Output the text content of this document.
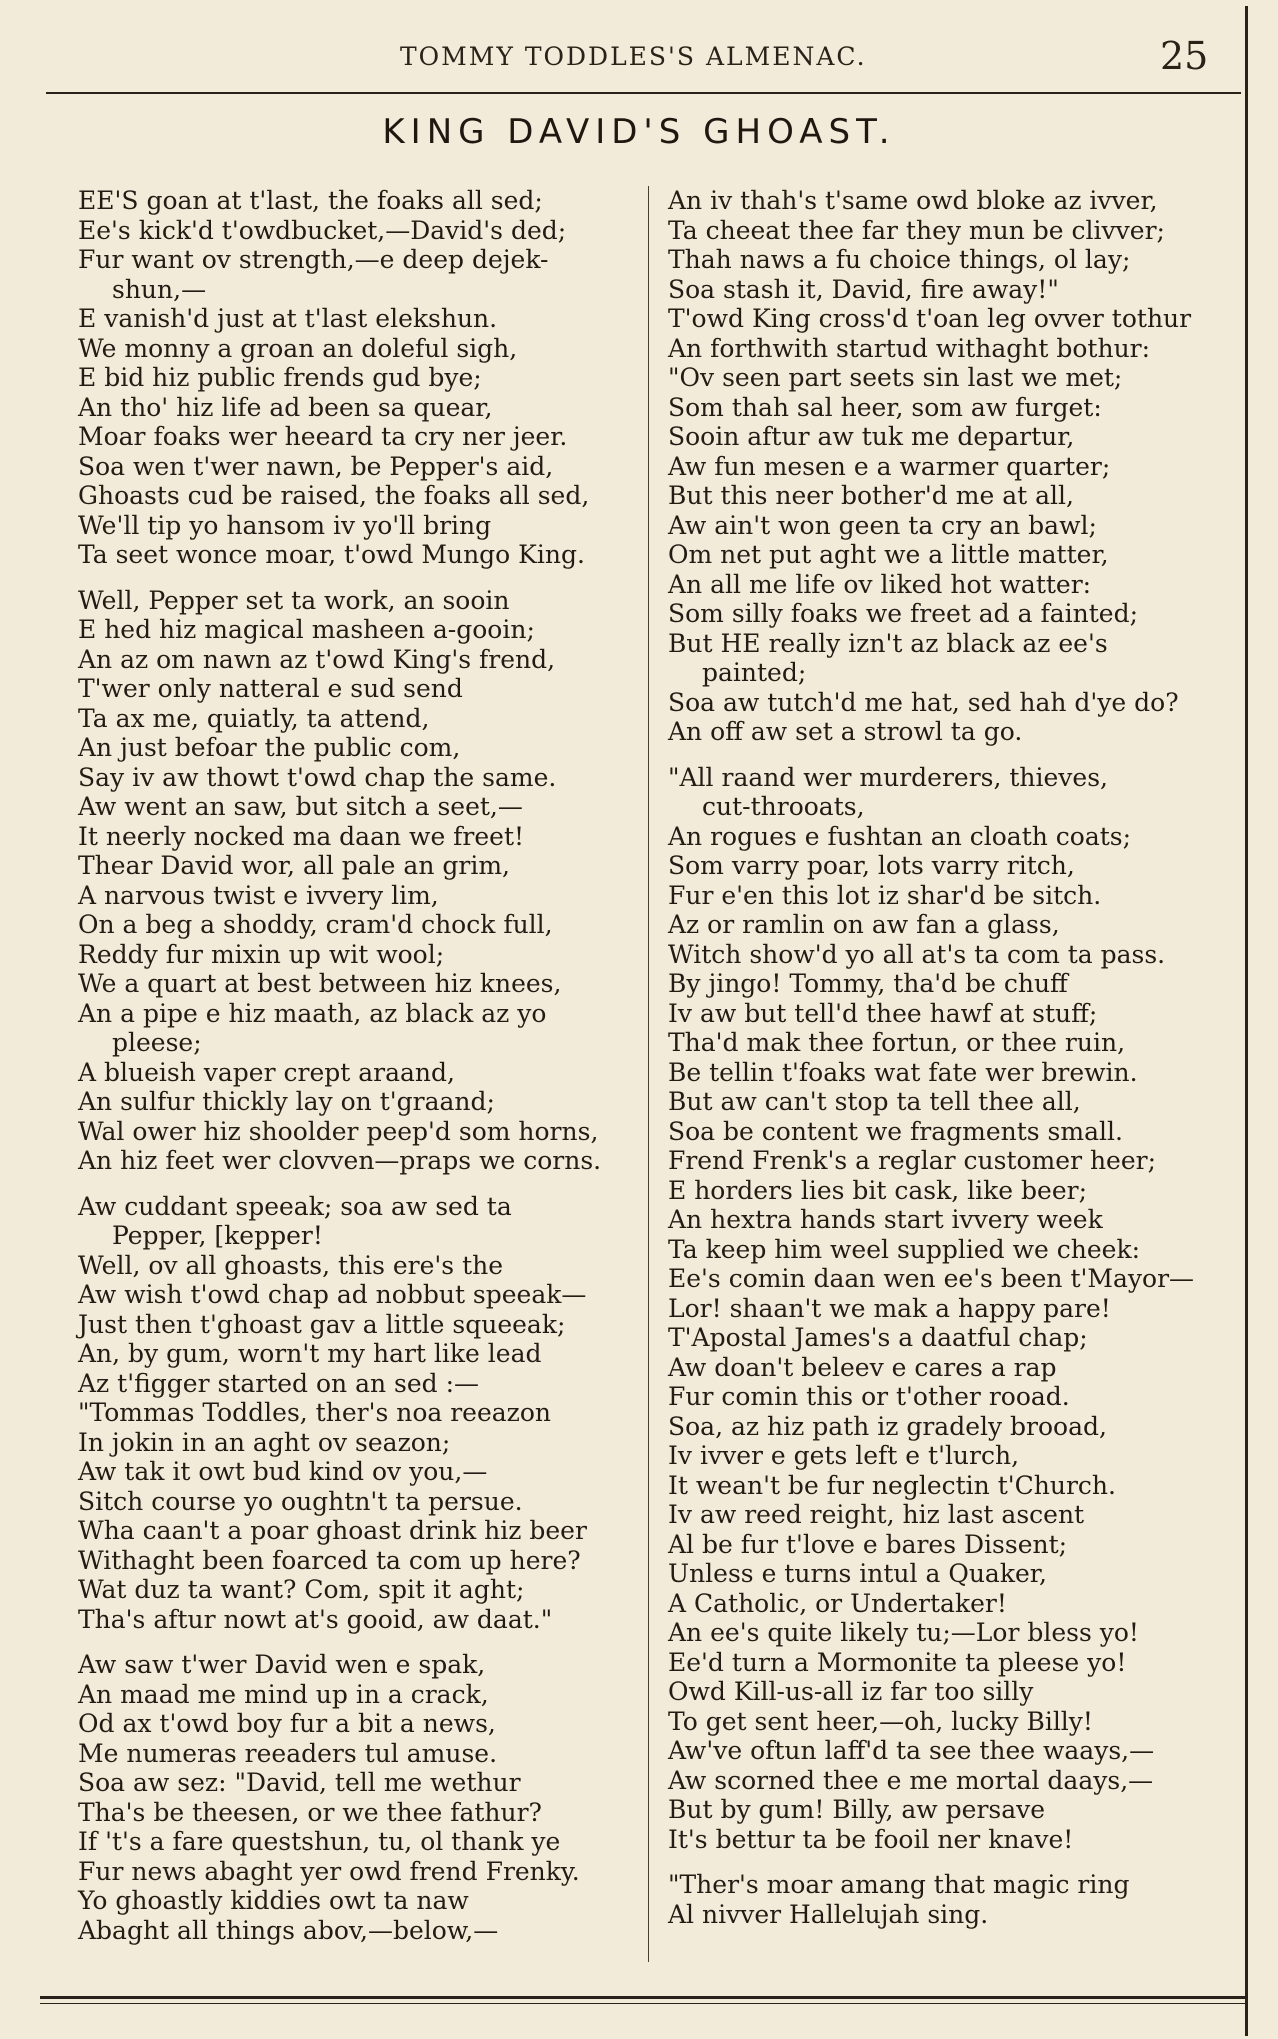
TOMMY TODDLES'S ALMENAC.	25
KING DAVID'S GHOAST.
EE'S goan at t'last, the foaks all sed;
Ee's kick'd t'owdbucket,—David's ded;
Fur want ov strength,—e deep dejek-
shun,—
E vanish'd just at t'last elekshun.
We monny a groan an doleful sigh,
E bid hiz public frends gud bye;
An tho' hiz life ad been sa quear,
Moar foaks wer heeard ta cry ner jeer.
Soa wen t'wer nawn, be Pepper's aid,
Ghoasts cud be raised, the foaks all sed,
We'll tip yo hansom iv yo'll bring
Ta seet wonce moar, t'owd Mungo King.
Well, Pepper set ta work, an sooin
E hed hiz magical masheen a-gooin;
An az om nawn az t'owd King's frend,
T'wer only natteral e sud send
Ta ax me, quiatly, ta attend,
An just befoar the public com,
Say iv aw thowt t'owd chap the same.
Aw went an saw, but sitch a seet,—
It neerly nocked ma daan we freet!
Thear David wor, all pale an grim,
A narvous twist e ivvery lim,
On a beg a shoddy, cram'd chock full,
Reddy fur mixin up wit wool;
We a quart at best between hiz knees,
An a pipe e hiz maath, az black az yo
pleese;
A blueish vaper crept araand,
An sulfur thickly lay on t'graand;
Wal ower hiz shoolder peep'd som horns,
An hiz feet wer clovven—praps we corns.
Aw cuddant speeak; soa aw sed ta
Pepper, [kepper!
Well, ov all ghoasts, this ere's the
Aw wish t'owd chap ad nobbut speeak—
Just then t'ghoast gav a little squeeak;
An, by gum, worn't my hart like lead
Az t'figger started on an sed :—
"Tommas Toddles, ther's noa reeazon
In jokin in an aght ov seazon;
Aw tak it owt bud kind ov you,—
Sitch course yo oughtn't ta persue.
Wha caan't a poar ghoast drink hiz beer
Withaght been foarced ta com up here?
Wat duz ta want? Com, spit it aght;
Tha's aftur nowt at's gooid, aw daat."
Aw saw t'wer David wen e spak,
An maad me mind up in a crack,
Od ax t'owd boy fur a bit a news,
Me numeras reeaders tul amuse.
Soa aw sez: "David, tell me wethur
Tha's be theesen, or we thee fathur?
If 't's a fare questshun, tu, ol thank ye
Fur news abaght yer owd frend Frenky.
Yo ghoastly kiddies owt ta naw
Abaght all things abov,—below,—
An iv thah's t'same owd bloke az ivver,
Ta cheeat thee far they mun be clivver;
Thah naws a fu choice things, ol lay;
Soa stash it, David, fire away!"
T'owd King cross'd t'oan leg ovver tothur
An forthwith startud withaght bothur:
"Ov seen part seets sin last we met;
Som thah sal heer, som aw furget:
Sooin aftur aw tuk me departur,
Aw fun mesen e a warmer quarter;
But this neer bother'd me at all,
Aw ain't won geen ta cry an bawl;
Om net put aght we a little matter,
An all me life ov liked hot watter:
Som silly foaks we freet ad a fainted;
But HE really izn't az black az ee's
painted;
Soa aw tutch'd me hat, sed hah d'ye do?
An off aw set a strowl ta go.
"All raand wer murderers, thieves,
cut-throoats,
An rogues e fushtan an cloath coats;
Som varry poar, lots varry ritch,
Fur e'en this lot iz shar'd be sitch.
Az or ramlin on aw fan a glass,
Witch show'd yo all at's ta com ta pass.
By jingo! Tommy, tha'd be chuff
Iv aw but tell'd thee hawf at stuff;
Tha'd mak thee fortun, or thee ruin,
Be tellin t'foaks wat fate wer brewin.
But aw can't stop ta tell thee all,
Soa be content we fragments small.
Frend Frenk's a reglar customer heer;
E horders lies bit cask, like beer;
An hextra hands start ivvery week
Ta keep him weel supplied we cheek:
Ee's comin daan wen ee's been t'Mayor—
Lor! shaan't we mak a happy pare!
T'Apostal James's a daatful chap;
Aw doan't beleev e cares a rap
Fur comin this or t'other rooad.
Soa, az hiz path iz gradely brooad,
Iv ivver e gets left e t'lurch,
It wean't be fur neglectin t'Church.
Iv aw reed reight, hiz last ascent
Al be fur t'love e bares Dissent;
Unless e turns intul a Quaker,
A Catholic, or Undertaker!
An ee's quite likely tu;—Lor bless yo!
Ee'd turn a Mormonite ta pleese yo!
Owd Kill-us-all iz far too silly
To get sent heer,—oh, lucky Billy!
Aw've oftun laff'd ta see thee waays,—
Aw scorned thee e me mortal daays,—
But by gum! Billy, aw persave
It's bettur ta be fooil ner knave!
"Ther's moar amang that magic ring
Al nivver Hallelujah sing.
